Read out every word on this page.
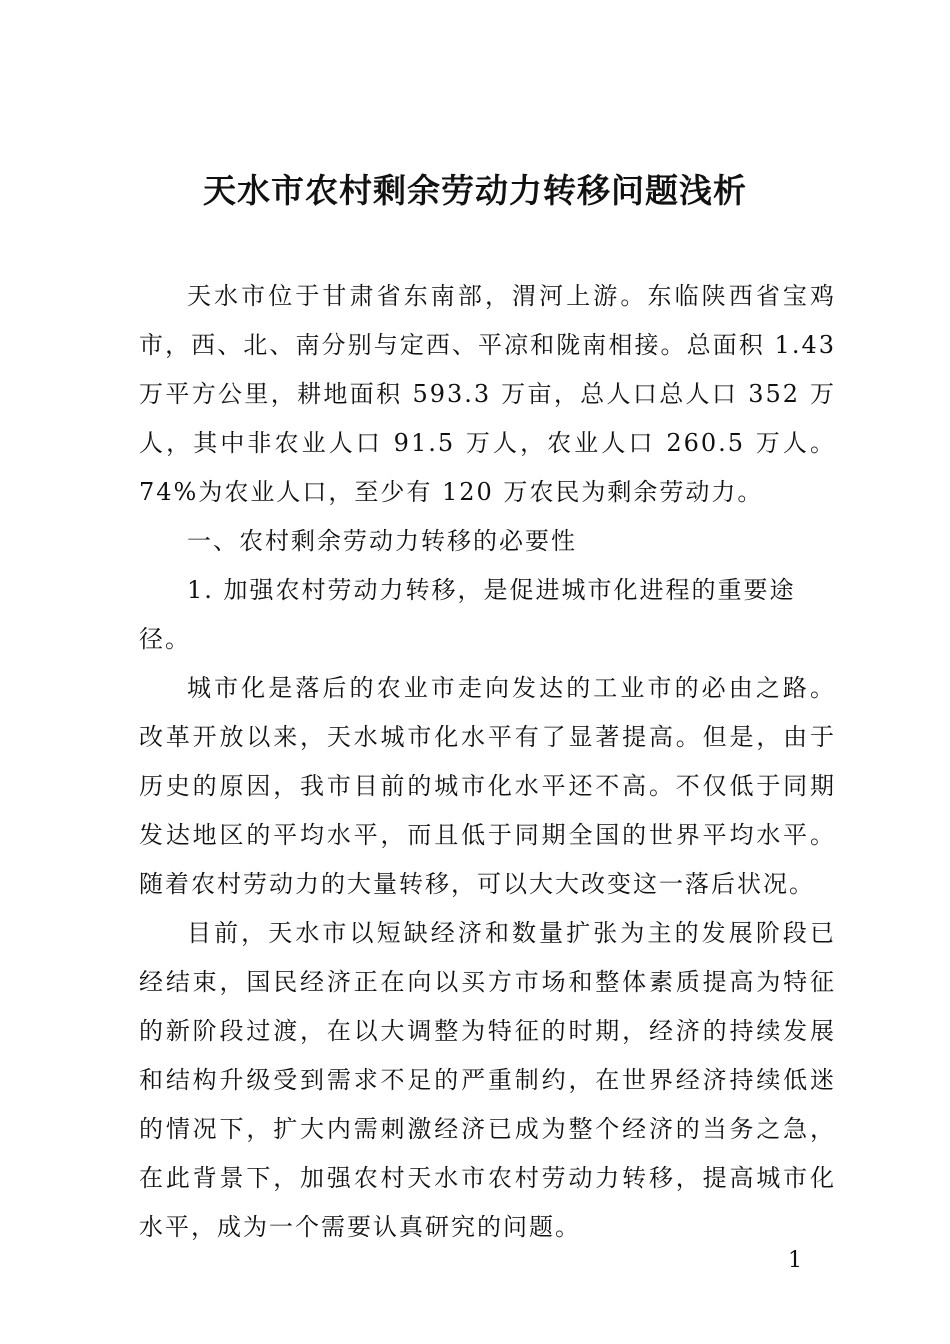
天水市农村剩余劳动力转移问题浅析

天水市位于甘肃省东南部，渭河上游。东临陕西省宝鸡市，西、北、南分别与定西、平凉和陇南相接。总面积 1.43 万平方公里，耕地面积 593.3 万亩，总人口总人口 352 万人，其中非农业人口 91.5 万人，农业人口 260.5 万人。74%为农业人口，至少有 120 万农民为剩余劳动力。

一、农村剩余劳动力转移的必要性

1. 加强农村劳动力转移，是促进城市化进程的重要途径。

城市化是落后的农业市走向发达的工业市的必由之路。改革开放以来，天水城市化水平有了显著提高。但是，由于历史的原因，我市目前的城市化水平还不高。不仅低于同期发达地区的平均水平，而且低于同期全国的世界平均水平。随着农村劳动力的大量转移，可以大大改变这一落后状况。

目前，天水市以短缺经济和数量扩张为主的发展阶段已经结束，国民经济正在向以买方市场和整体素质提高为特征的新阶段过渡，在以大调整为特征的时期，经济的持续发展和结构升级受到需求不足的严重制约，在世界经济持续低迷的情况下，扩大内需刺激经济已成为整个经济的当务之急，在此背景下，加强农村天水市农村劳动力转移，提高城市化水平，成为一个需要认真研究的问题。

1
